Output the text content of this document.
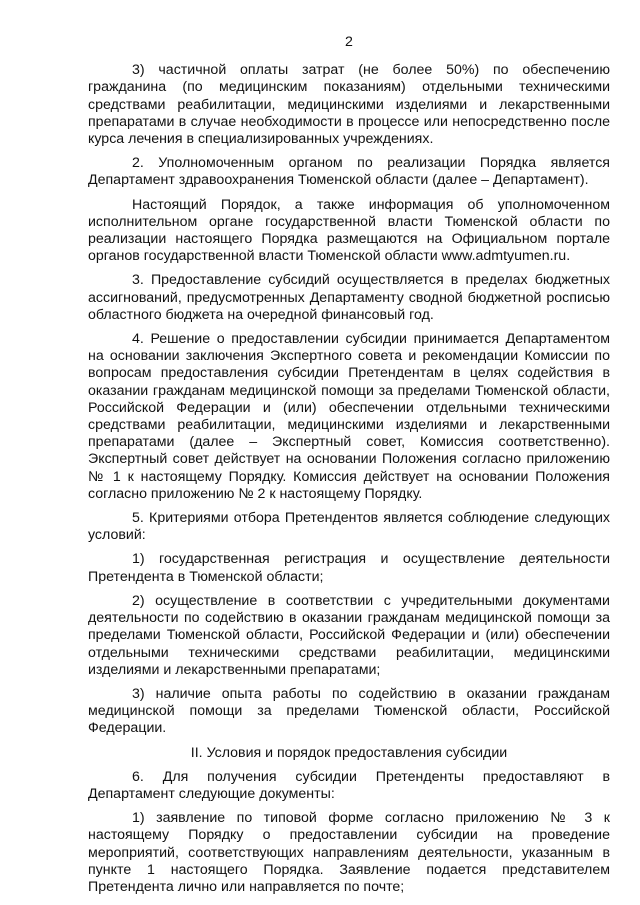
2

3) частичной оплаты затрат (не более 50%) по обеспечению гражданина (по медицинским показаниям) отдельными техническими средствами реабилитации, медицинскими изделиями и лекарственными препаратами в случае необходимости в процессе или непосредственно после курса лечения в специализированных учреждениях.

2. Уполномоченным органом по реализации Порядка является Департамент здравоохранения Тюменской области (далее – Департамент).

Настоящий Порядок, а также информация об уполномоченном исполнительном органе государственной власти Тюменской области по реализации настоящего Порядка размещаются на Официальном портале органов государственной власти Тюменской области www.admtyumen.ru.

3. Предоставление субсидий осуществляется в пределах бюджетных ассигнований, предусмотренных Департаменту сводной бюджетной росписью областного бюджета на очередной финансовый год.

4. Решение о предоставлении субсидии принимается Департаментом на основании заключения Экспертного совета и рекомендации Комиссии по вопросам предоставления субсидии Претендентам в целях содействия в оказании гражданам медицинской помощи за пределами Тюменской области, Российской Федерации и (или) обеспечении отдельными техническими средствами реабилитации, медицинскими изделиями и лекарственными препаратами (далее – Экспертный совет, Комиссия соответственно). Экспертный совет действует на основании Положения согласно приложению № 1 к настоящему Порядку. Комиссия действует на основании Положения согласно приложению № 2 к настоящему Порядку.

5. Критериями отбора Претендентов является соблюдение следующих условий:

1) государственная регистрация и осуществление деятельности Претендента в Тюменской области;

2) осуществление в соответствии с учредительными документами деятельности по содействию в оказании гражданам медицинской помощи за пределами Тюменской области, Российской Федерации и (или) обеспечении отдельными техническими средствами реабилитации, медицинскими изделиями и лекарственными препаратами;

3) наличие опыта работы по содействию в оказании гражданам медицинской помощи за пределами Тюменской области, Российской Федерации.

II. Условия и порядок предоставления субсидии

6. Для получения субсидии Претенденты предоставляют в Департамент следующие документы:

1) заявление по типовой форме согласно приложению № 3 к настоящему Порядку о предоставлении субсидии на проведение мероприятий, соответствующих направлениям деятельности, указанным в пункте 1 настоящего Порядка. Заявление подается представителем Претендента лично или направляется по почте;
